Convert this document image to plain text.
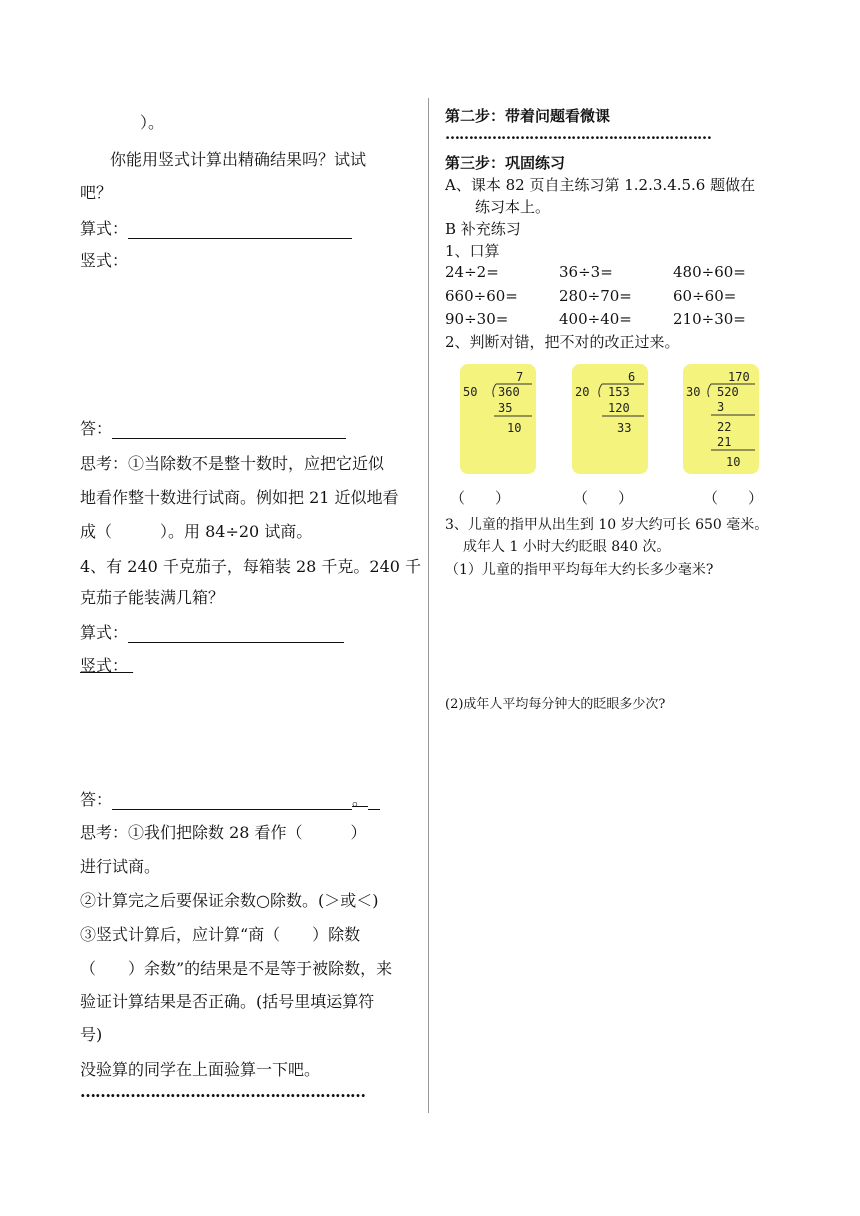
）。
你能用竖式计算出精确结果吗？试试
吧？
算式：
竖式：
答：
思考：①当除数不是整十数时，应把它近似
地看作整十数进行试商。例如把 21 近似地看
成（　　　）。用 84÷20 试商。
4、有 240 千克茄子，每箱装 28 千克。240 千
克茄子能装满几箱？
算式：
竖式：
答：	。
思考：①我们把除数 28 看作（　　　）
进行试商。
②计算完之后要保证余数○除数。(＞或＜)
③竖式计算后，应计算“商（　　）除数
（　　）余数”的结果是不是等于被除数，来
验证计算结果是否正确。(括号里填运算符
号)
没验算的同学在上面验算一下吧。
…………………………………………………
第二步：带着问题看微课
…………………………………………………
第三步：巩固练习
A、课本 82 页自主练习第 1.2.3.4.5.6 题做在
练习本上。
B 补充练习
1、口算
24÷2=	36÷3=	480÷60=
660÷60=	280÷70=	60÷60=
90÷30=	400÷40=	210÷30=
2、判断对错，把不对的改正过来。
7
50 360
35
10
6
20 153
120
33
170
30 520
3
22
21
10
（　　）	（　　）	（　　）
3、儿童的指甲从出生到 10 岁大约可长 650 毫米。
成年人 1 小时大约眨眼 840 次。
（1）儿童的指甲平均每年大约长多少毫米?
(2)成年人平均每分钟大的眨眼多少次?
